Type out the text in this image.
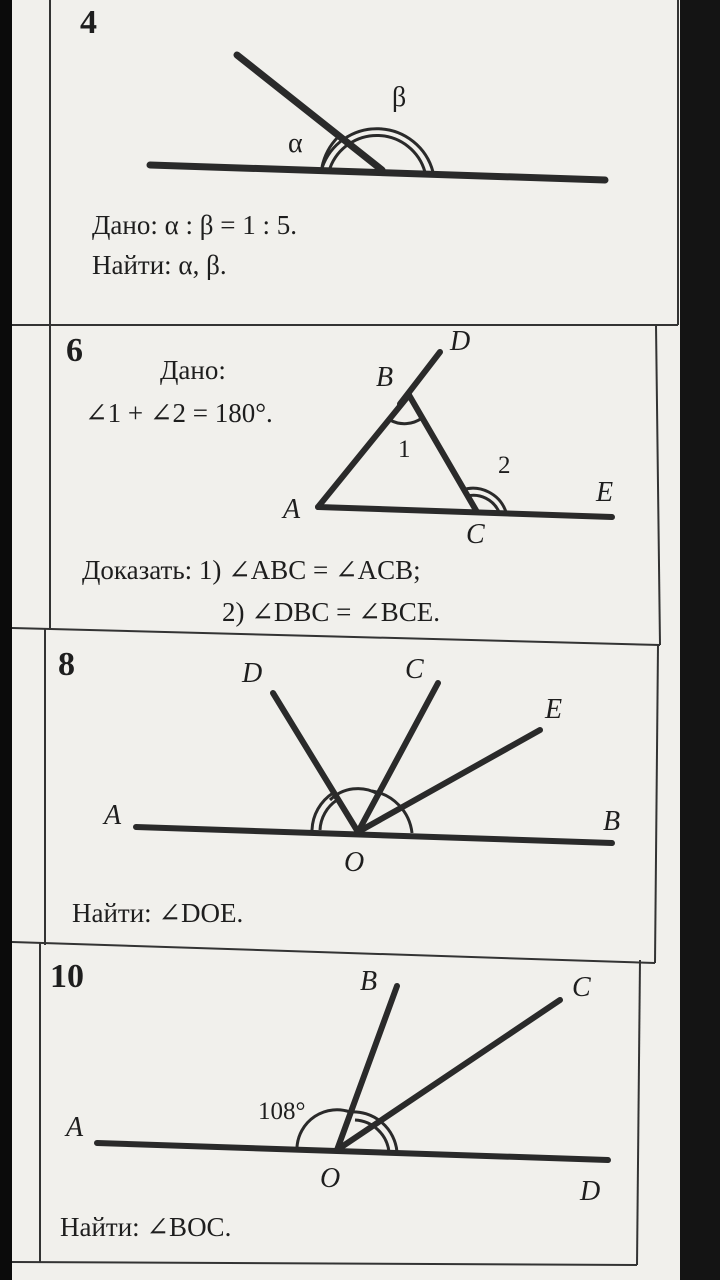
4
α
β
Дано: α : β = 1 : 5.
Найти: α, β.
6
Дано:
∠1 + ∠2 = 180°.
B
D
1
2
E
A
C
Доказать: 1) ∠ABC = ∠ACB;
2) ∠DBC = ∠BCE.
8	D	C
E
A	B
O
Найти: ∠DOE.
10	B	C
108°
A
O	D
Найти: ∠BOC.
